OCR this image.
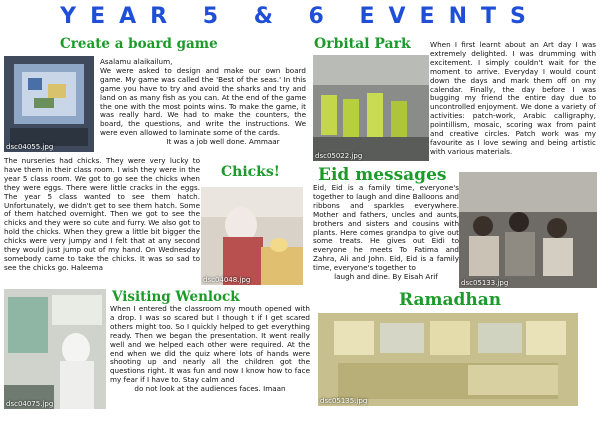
YEAR 5 & 6 EVENTS
Create a board game
dsc04055.jpg
Asalamu alaikailum,
We were asked to design and make our own board game. My game was called the 'Best of the seas.' In this game you have to try and avoid the sharks and try and land on as many fish as you can. At the end of the game the one with the most points wins. To make the game, it was really hard. We had to make the counters, the board, the questions, and write the instructions. We were even allowed to laminate some of the cards.
It was a job well done. Ammaar
The nurseries had chicks. They were very lucky to have them in their class room. I wish they were in the year 5 class room. We got to go see the chicks when they were eggs. There were little cracks in the eggs. The year 5 class wanted to see them hatch. Unfortunately, we didn't get to see them hatch. Some of them hatched overnight. Then we got to see the chicks and they were so cute and furry. We also got to hold the chicks. When they grew a little bit bigger the chicks were very jumpy and I felt that at any second they would just jump out of my hand. On Wednesday somebody came to take the chicks. It was so sad to see the chicks go. Haleema
Chicks!
dsc04048.jpg
Orbital Park
dsc05022.jpg
When I first learnt about an Art day I was extremely delighted. I was drumming with excitement. I simply couldn't wait for the moment to arrive. Everyday I would count down the days and mark them off on my calendar. Finally, the day before I was bugging my friend the entire day due to uncontrolled enjoyment. We done a variety of activities: patch-work, Arabic calligraphy, pointillism, mosaic, scoring wax from paint and creative circles. Patch work was my favourite as I love sewing and being artistic with various materials.
Eid messages
Eid, Eid is a family time, everyone's together to laugh and dine Balloons and ribbons and sparkles everywhere. Mother and fathers, uncles and aunts, brothers and sisters and cousins with plants. Here comes grandpa to give out some treats. He gives out Eidi to everyone he meets To Fatima and Zahra, Ali and John. Eid, Eid is a family time, everyone's together to
laugh and dine. By Eisah Arif
dsc05133.jpg
dsc04075.jpg
Visiting Wenlock
When I entered the classroom my mouth opened with a drop. I was so scared but I though t if I get scared others might too. So I quickly helped to get everything ready. Then we began the presentation. It went really well and we helped each other were required. At the end when we did the quiz where lots of hands were shooting up and nearly all the children got the questions right. It was fun and now I know how to face my fear if I have to. Stay calm and
do not look at the audiences faces. Imaan
Ramadhan
dsc05135.jpg
